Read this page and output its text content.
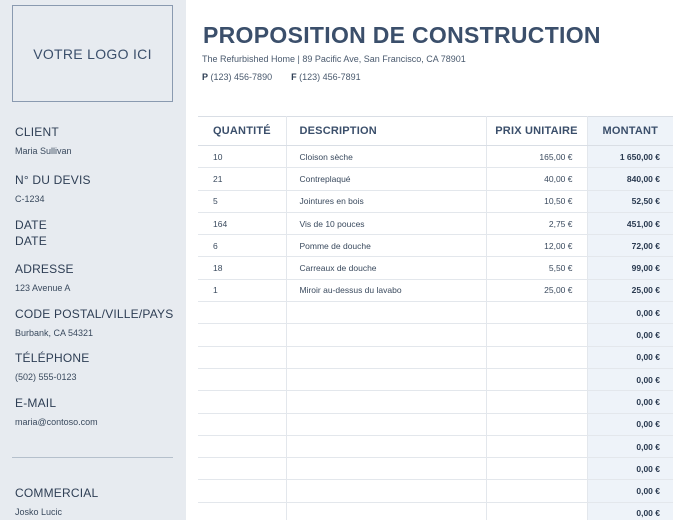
VOTRE LOGO ICI
CLIENT
Maria Sullivan
N° DU DEVIS
C-1234
DATE
DATE
ADRESSE
123 Avenue A
CODE POSTAL/VILLE/PAYS
Burbank, CA 54321
TÉLÉPHONE
(502) 555-0123
E-MAIL
maria@contoso.com
COMMERCIAL
Josko Lucic
PROPOSITION DE CONSTRUCTION
The Refurbished Home | 89 Pacific Ave, San Francisco, CA 78901
P (123) 456-7890 F (123) 456-7891
QUANTITÉ	DESCRIPTION	PRIX UNITAIRE	MONTANT
10	Cloison sèche	165,00 €	1 650,00 €
21	Contreplaqué	40,00 €	840,00 €
5	Jointures en bois	10,50 €	52,50 €
164	Vis de 10 pouces	2,75 €	451,00 €
6	Pomme de douche	12,00 €	72,00 €
18	Carreaux de douche	5,50 €	99,00 €
1	Miroir au-dessus du lavabo	25,00 €	25,00 €
			0,00 €
			0,00 €
			0,00 €
			0,00 €
			0,00 €
			0,00 €
			0,00 €
			0,00 €
			0,00 €
			0,00 €
